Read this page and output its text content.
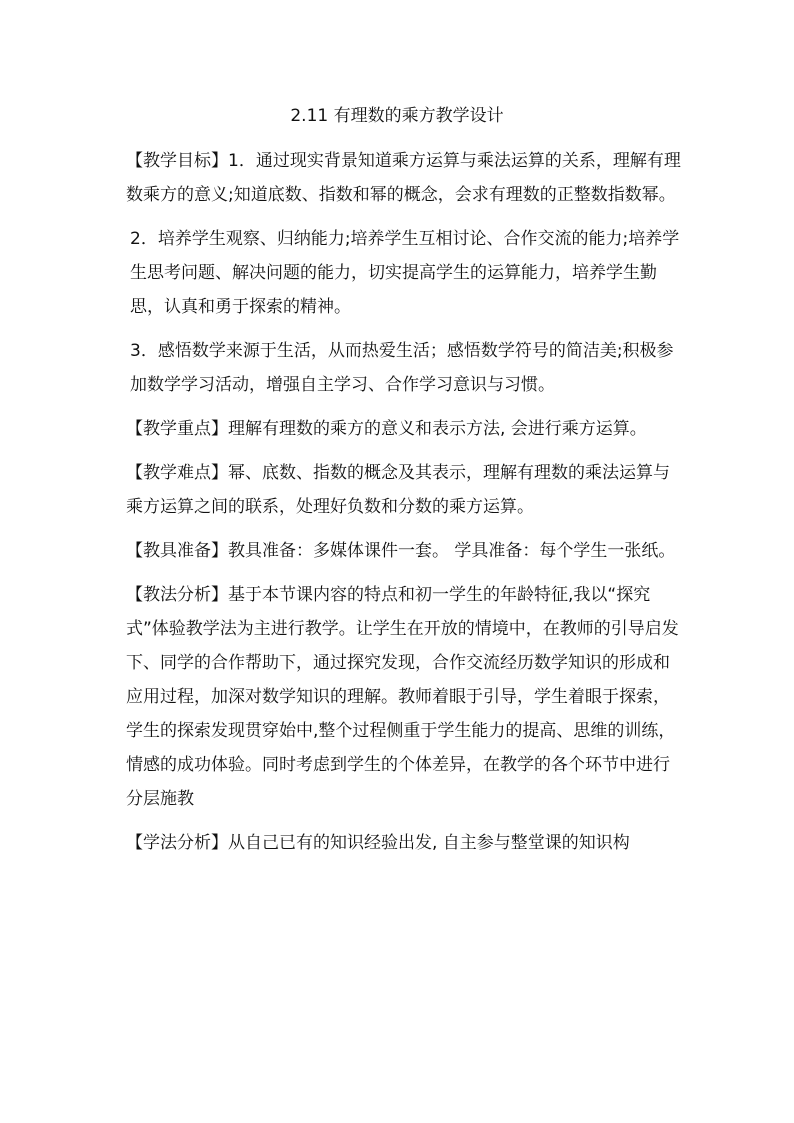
2.11 有理数的乘方教学设计

【教学目标】1．通过现实背景知道乘方运算与乘法运算的关系，理解有理数乘方的意义;知道底数、指数和幂的概念，会求有理数的正整数指数幂。

2．培养学生观察、归纳能力;培养学生互相讨论、合作交流的能力;培养学生思考问题、解决问题的能力，切实提高学生的运算能力，培养学生勤思，认真和勇于探索的精神。

3．感悟数学来源于生活，从而热爱生活；感悟数学符号的简洁美;积极参加数学学习活动，增强自主学习、合作学习意识与习惯。

【教学重点】理解有理数的乘方的意义和表示方法, 会进行乘方运算。

【教学难点】幂、底数、指数的概念及其表示，理解有理数的乘法运算与乘方运算之间的联系，处理好负数和分数的乘方运算。

【教具准备】教具准备：多媒体课件一套。 学具准备：每个学生一张纸。

【教法分析】基于本节课内容的特点和初一学生的年龄特征,我以“探究式”体验教学法为主进行教学。让学生在开放的情境中，在教师的引导启发下、同学的合作帮助下，通过探究发现，合作交流经历数学知识的形成和应用过程，加深对数学知识的理解。教师着眼于引导，学生着眼于探索，学生的探索发现贯穿始中,整个过程侧重于学生能力的提高、思维的训练，情感的成功体验。同时考虑到学生的个体差异，在教学的各个环节中进行分层施教

【学法分析】从自己已有的知识经验出发, 自主参与整堂课的知识构
